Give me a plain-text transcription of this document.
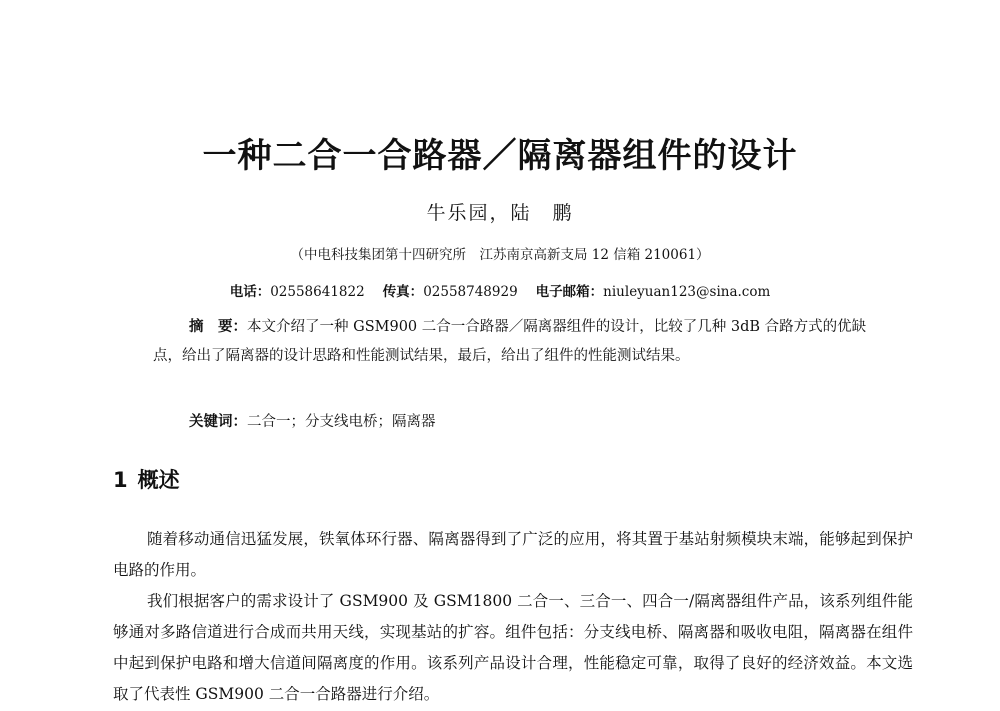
一种二合一合路器／隔离器组件的设计
牛乐园，陆　鹏
（中电科技集团第十四研究所　江苏南京高新支局 12 信箱 210061）
电话：02558641822 传真：02558748929 电子邮箱：niuleyuan123@sina.com
摘　要：本文介绍了一种 GSM900 二合一合路器／隔离器组件的设计，比较了几种 3dB 合路方式的优缺点，给出了隔离器的设计思路和性能测试结果，最后，给出了组件的性能测试结果。
关键词：二合一；分支线电桥；隔离器
1 概述

随着移动通信迅猛发展，铁氧体环行器、隔离器得到了广泛的应用，将其置于基站射频模块末端，能够起到保护电路的作用。

我们根据客户的需求设计了 GSM900 及 GSM1800 二合一、三合一、四合一/隔离器组件产品，该系列组件能够通对多路信道进行合成而共用天线，实现基站的扩容。组件包括：分支线电桥、隔离器和吸收电阻，隔离器在组件中起到保护电路和增大信道间隔离度的作用。该系列产品设计合理，性能稳定可靠，取得了良好的经济效益。本文选取了代表性 GSM900 二合一合路器进行介绍。
